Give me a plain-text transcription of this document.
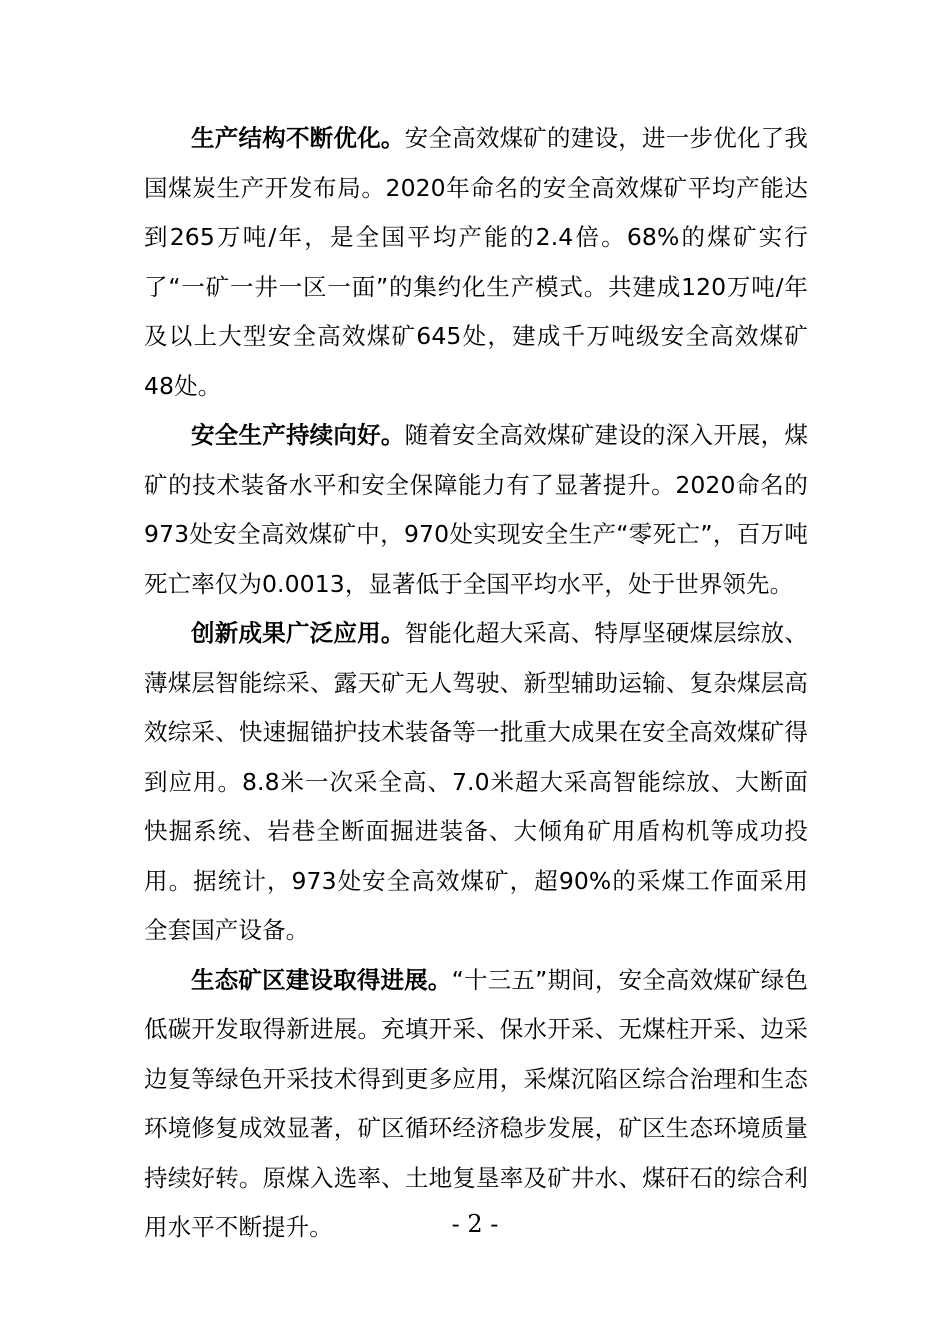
生产结构不断优化。安全高效煤矿的建设，进一步优化了我国煤炭生产开发布局。2020年命名的安全高效煤矿平均产能达到265万吨/年，是全国平均产能的2.4倍。68%的煤矿实行了“一矿一井一区一面”的集约化生产模式。共建成120万吨/年及以上大型安全高效煤矿645处，建成千万吨级安全高效煤矿48处。

安全生产持续向好。随着安全高效煤矿建设的深入开展，煤矿的技术装备水平和安全保障能力有了显著提升。2020命名的973处安全高效煤矿中，970处实现安全生产“零死亡”，百万吨死亡率仅为0.0013，显著低于全国平均水平，处于世界领先。

创新成果广泛应用。智能化超大采高、特厚坚硬煤层综放、薄煤层智能综采、露天矿无人驾驶、新型辅助运输、复杂煤层高效综采、快速掘锚护技术装备等一批重大成果在安全高效煤矿得到应用。8.8米一次采全高、7.0米超大采高智能综放、大断面快掘系统、岩巷全断面掘进装备、大倾角矿用盾构机等成功投用。据统计，973处安全高效煤矿，超90%的采煤工作面采用全套国产设备。

生态矿区建设取得进展。“十三五”期间，安全高效煤矿绿色低碳开发取得新进展。充填开采、保水开采、无煤柱开采、边采边复等绿色开采技术得到更多应用，采煤沉陷区综合治理和生态环境修复成效显著，矿区循环经济稳步发展，矿区生态环境质量持续好转。原煤入选率、土地复垦率及矿井水、煤矸石的综合利用水平不断提升。	- 2 -
